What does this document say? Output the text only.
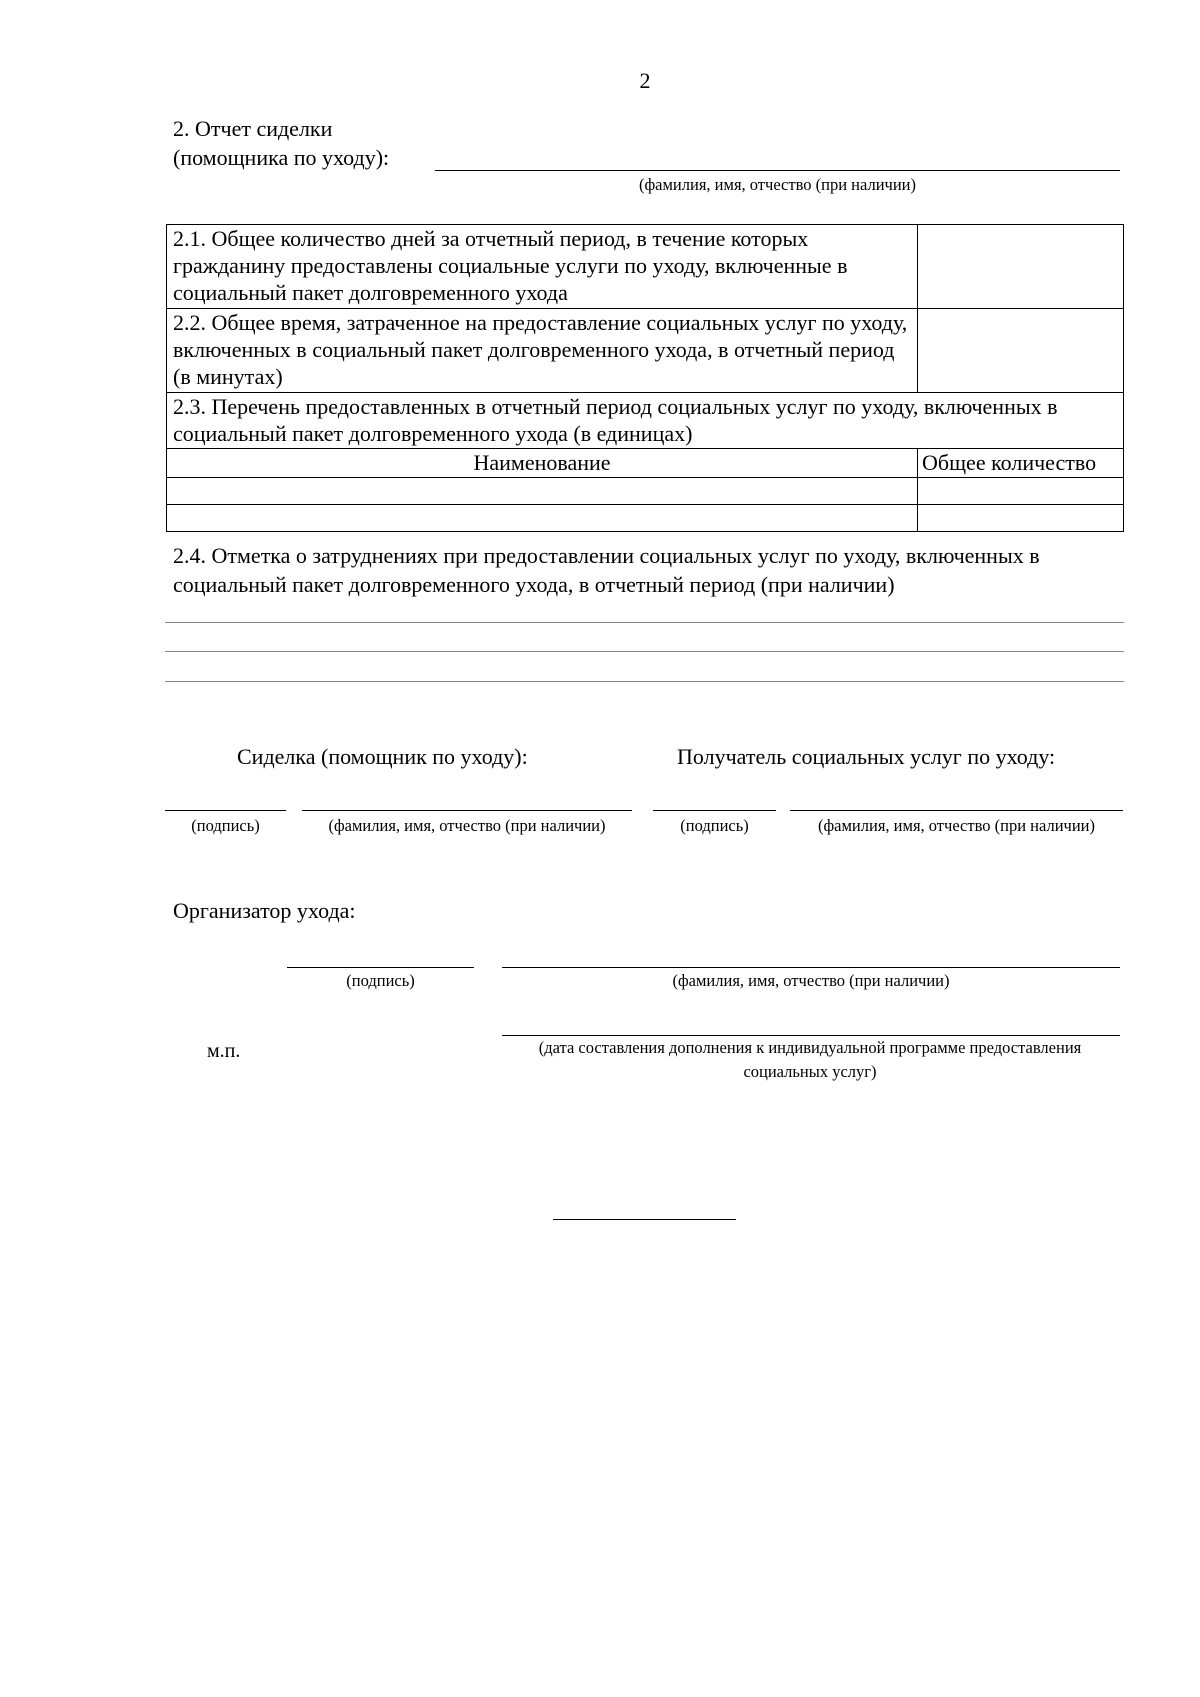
2
2. Отчет сиделки
(помощника по уходу):
(фамилия, имя, отчество (при наличии)
2.1. Общее количество дней за отчетный период, в течение которых гражданину предоставлены социальные услуги по уходу, включенные в социальный пакет долговременного ухода	
2.2. Общее время, затраченное на предоставление социальных услуг по уходу, включенных в социальный пакет долговременного ухода, в отчетный период (в минутах)	
2.3. Перечень предоставленных в отчетный период социальных услуг по уходу, включенных в социальный пакет долговременного ухода (в единицах)	
Наименование	Общее количество

2.4. Отметка о затруднениях при предоставлении социальных услуг по уходу, включенных в социальный пакет долговременного ухода, в отчетный период (при наличии)
Сиделка (помощник по уходу):	Получатель социальных услуг по уходу:
(подпись)	(фамилия, имя, отчество (при наличии)	(подпись)	(фамилия, имя, отчество (при наличии)
Организатор ухода:
(подпись)	(фамилия, имя, отчество (при наличии)
м.п.	(дата составления дополнения к индивидуальной программе предоставления социальных услуг)
